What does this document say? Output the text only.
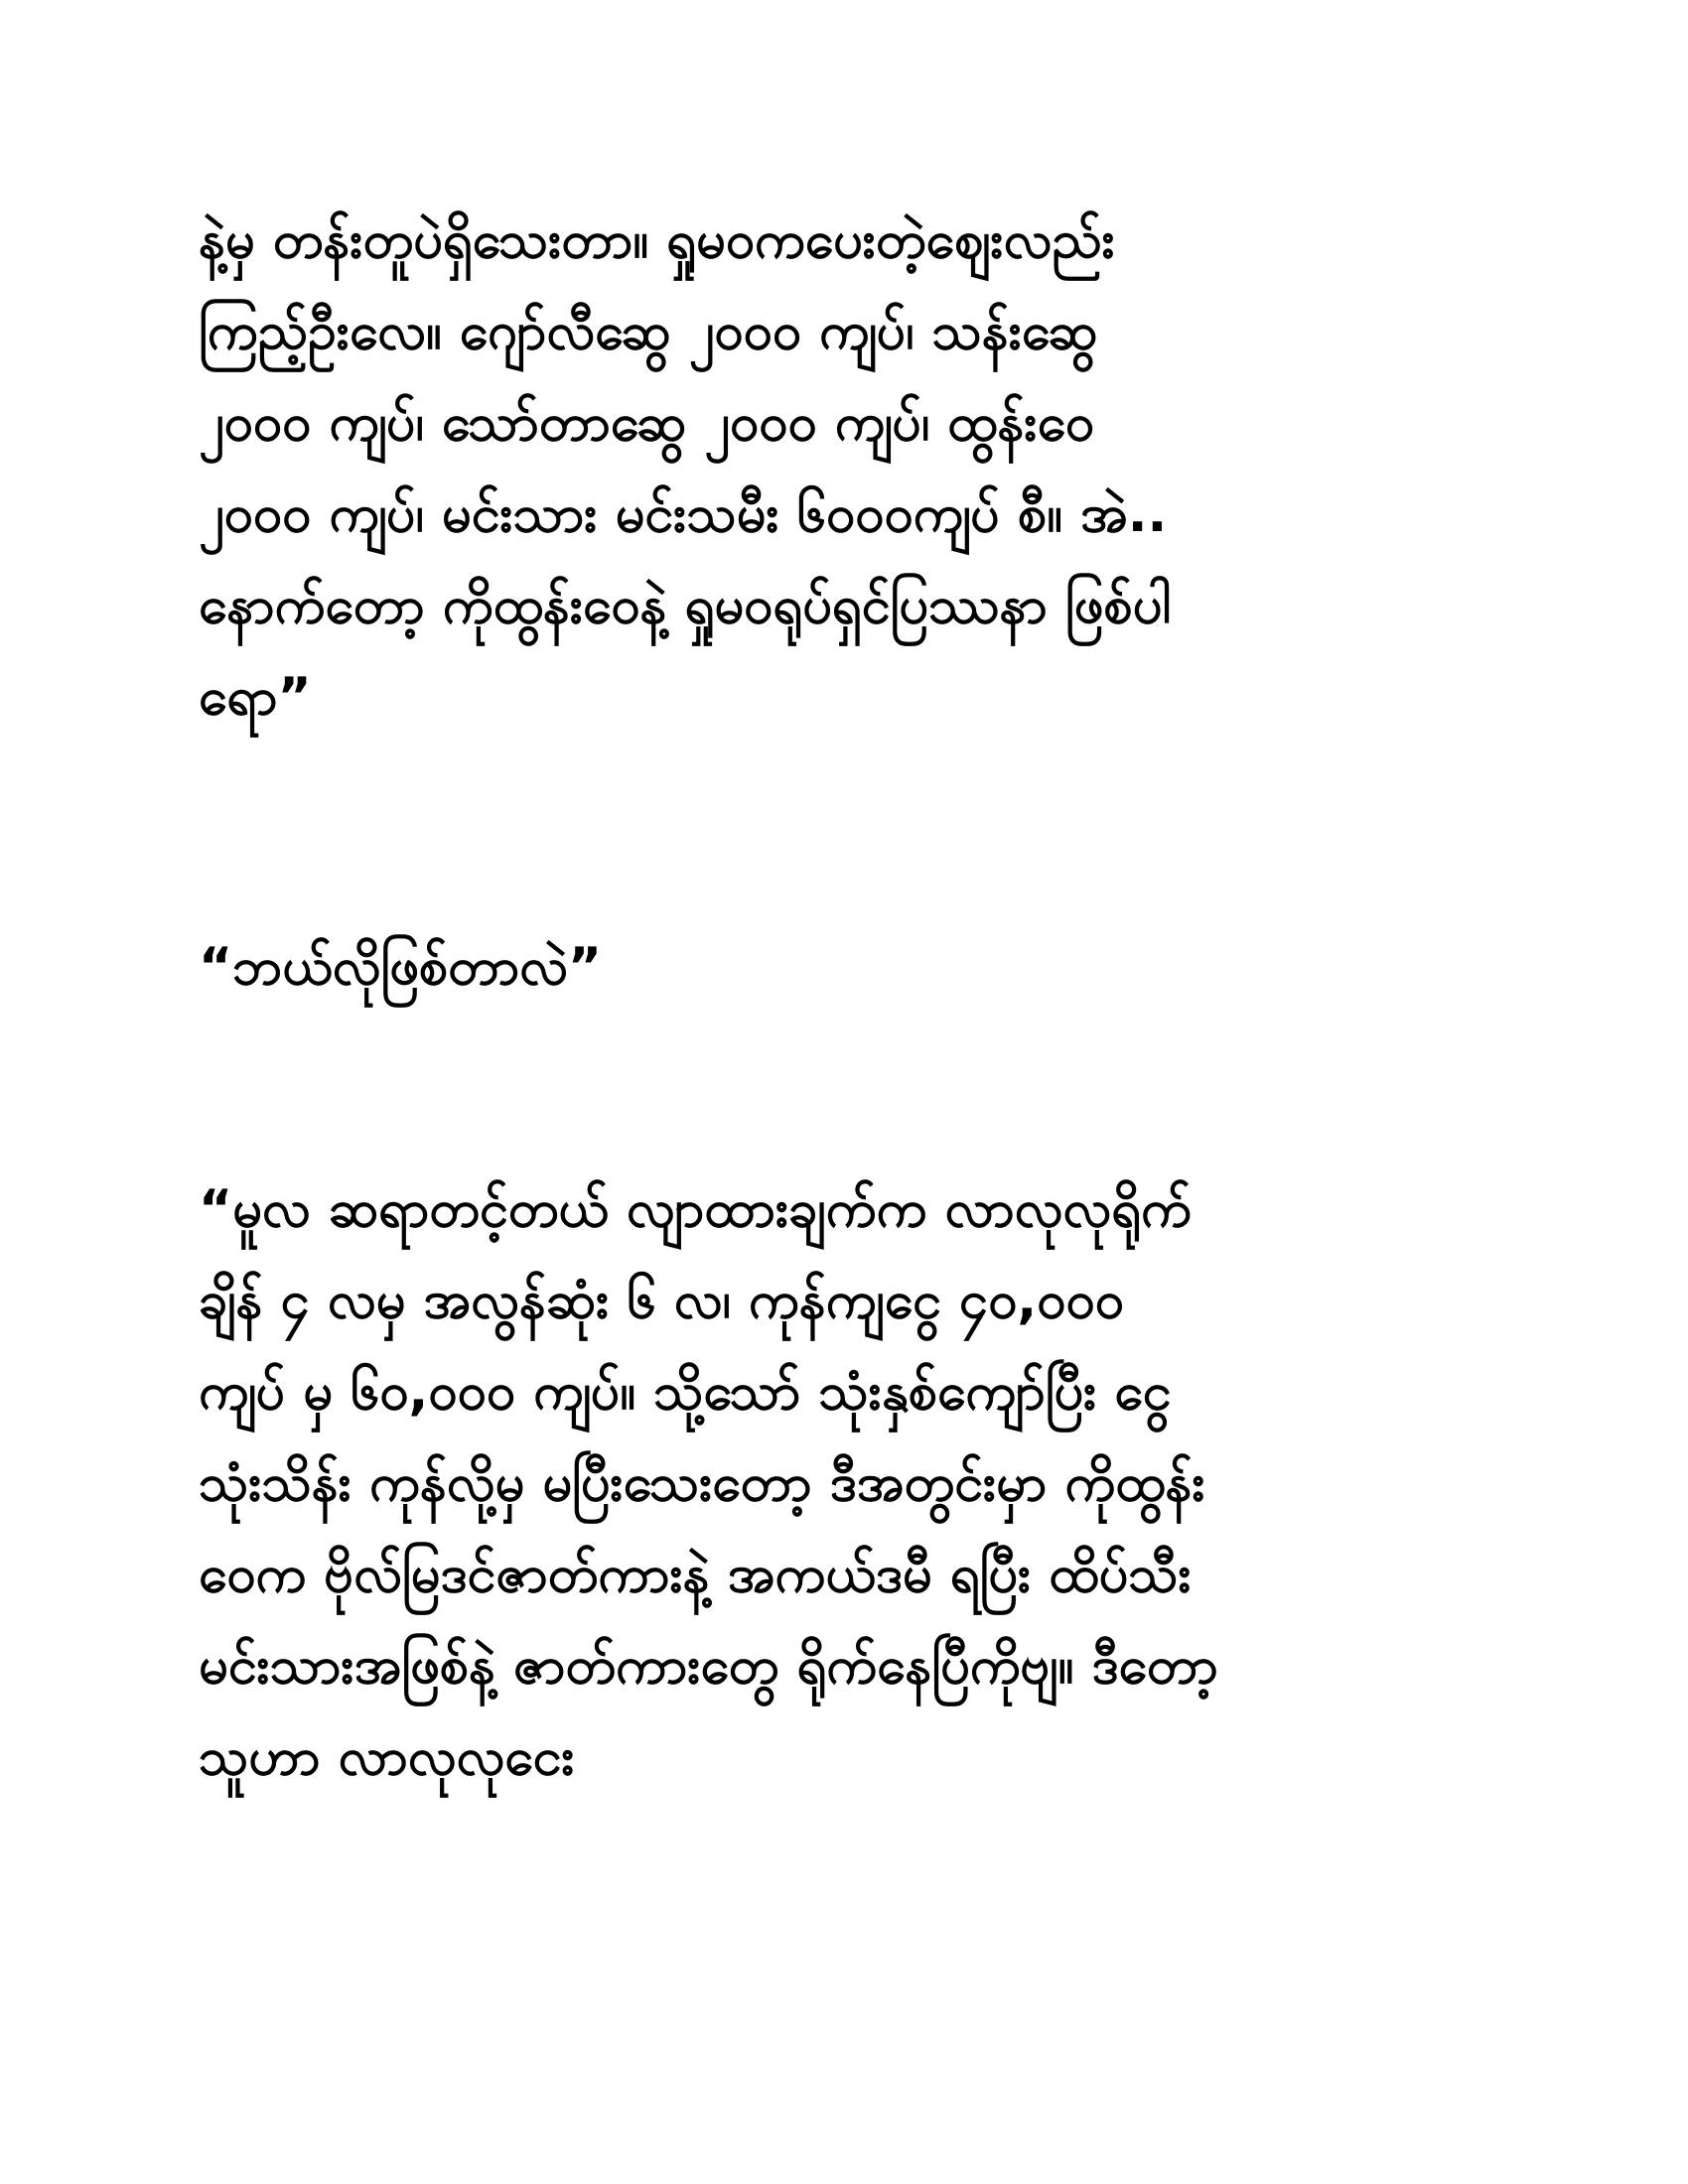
နဲ့မှ တန်းတူပဲရှိသေးတာ။ ရှုမဝကပေးတဲ့ဈေးလည်း
ကြည့်ဦးလေ။ ဂျော်လီဆွေ ၂၀၀၀ ကျပ်၊ သန်းဆွေ
၂၀၀၀ ကျပ်၊ သော်တာဆွေ ၂၀၀၀ ကျပ်၊ ထွန်းဝေ
၂၀၀၀ ကျပ်၊ မင်းသား မင်းသမီး ၆၀၀၀ကျပ် စီ။ အဲ..
နောက်တော့ ကိုထွန်းဝေနဲ့ ရှုမဝရုပ်ရှင်ပြဿနာ ဖြစ်ပါ
ရော”
“ဘယ်လိုဖြစ်တာလဲ”
“မူလ ဆရာတင့်တယ် လျာထားချက်က လာလုလုရိုက်
ချိန် ၄ လမှ အလွန်ဆုံး ၆ လ၊ ကုန်ကျငွေ ၄၀,၀၀၀
ကျပ် မှ ၆၀,၀၀၀ ကျပ်။ သို့သော် သုံးနှစ်ကျော်ပြီး ငွေ
သုံးသိန်း ကုန်လို့မှ မပြီးသေးတော့ ဒီအတွင်းမှာ ကိုထွန်း
ဝေက ဗိုလ်မြဒင်ဇာတ်ကားနဲ့ အကယ်ဒမီ ရပြီး ထိပ်သီး
မင်းသားအဖြစ်နဲ့ ဇာတ်ကားတွေ ရိုက်နေပြီကိုဗျ။ ဒီတော့
သူဟာ လာလုလုငေး
